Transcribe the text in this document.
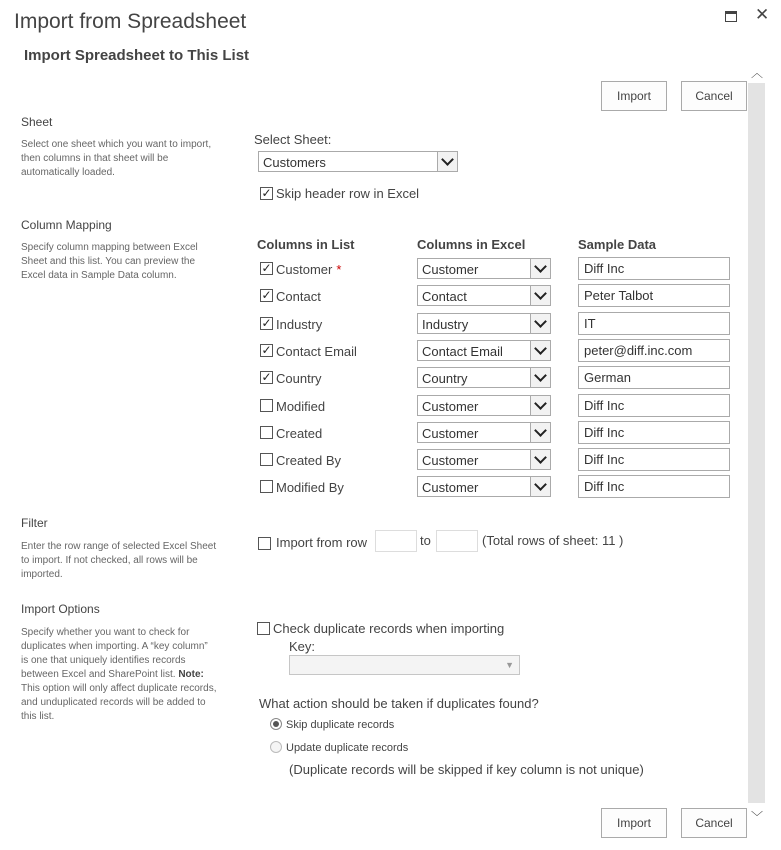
Import from Spreadsheet	✕
Import Spreadsheet to This List
︿
﹀
Import	Cancel
Sheet
Select one sheet which you want to import, then columns in that sheet will be automatically loaded.
Select Sheet:
Customers
✓
Skip header row in Excel
Column Mapping
Specify column mapping between Excel Sheet and this list. You can preview the Excel data in Sample Data column.
Columns in List	Columns in Excel	Sample Data
✓
Customer *	Customer	Diff Inc
✓
Contact	Contact	Peter Talbot
✓
Industry	Industry	IT
✓
Contact Email	Contact Email	peter@diff.inc.com
✓
Country	Country	German
Modified	Customer	Diff Inc
Created	Customer	Diff Inc
Created By	Customer	Diff Inc
Modified By	Customer	Diff Inc
Filter
Enter the row range of selected Excel Sheet to import. If not checked, all rows will be imported.
Import from row	to	(Total rows of sheet: 11 )
Import Options
Specify whether you want to check for duplicates when importing. A “key column” is one that uniquely identifies records between Excel and SharePoint list. Note: This option will only affect duplicate records, and unduplicated records will be added to this list.
Check duplicate records when importing
Key:
▼
What action should be taken if duplicates found?
Skip duplicate records
Update duplicate records
(Duplicate records will be skipped if key column is not unique)
Import	Cancel
